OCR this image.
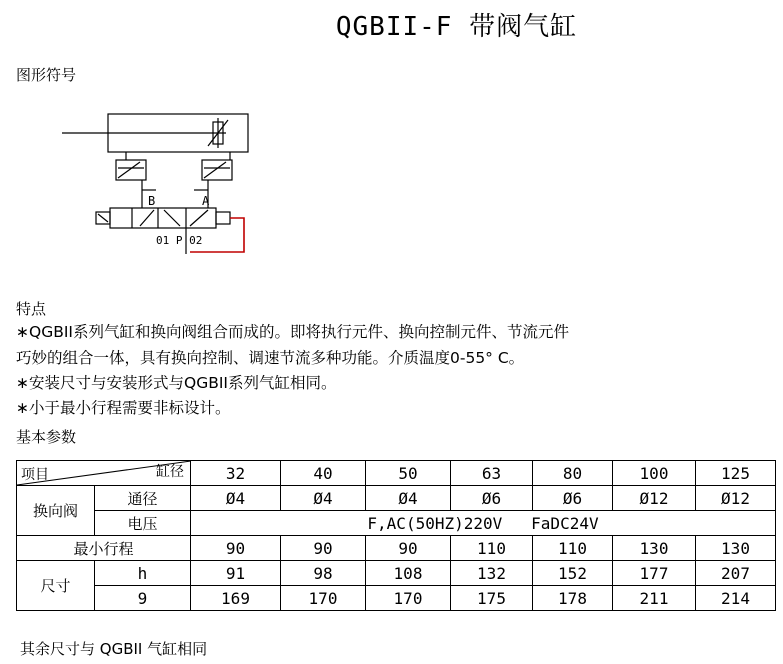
QGBII-F 带阀气缸
图形符号
B	A
01 P 02
特点
∗QGBII系列气缸和换向阀组合而成的。即将执行元件、换向控制元件、节流元件
巧妙的组合一体，具有换向控制、调速节流多种功能。介质温度0-55° C。
∗安装尺寸与安装形式与QGBII系列气缸相同。
∗小于最小行程需要非标设计。
基本参数
项目 缸径		32	40	50	63	80	100	125
换向阀	通径	Ø4	Ø4	Ø4	Ø6	Ø6	Ø12	Ø12
	电压	F,AC(50HZ)220V   FaDC24V						
最小行程		90	90	90	110	110	130	130
尺寸	h	91	98	108	132	152	177	207
	9	169	170	170	175	178	211	214
其余尺寸与 QGBII 气缸相同
